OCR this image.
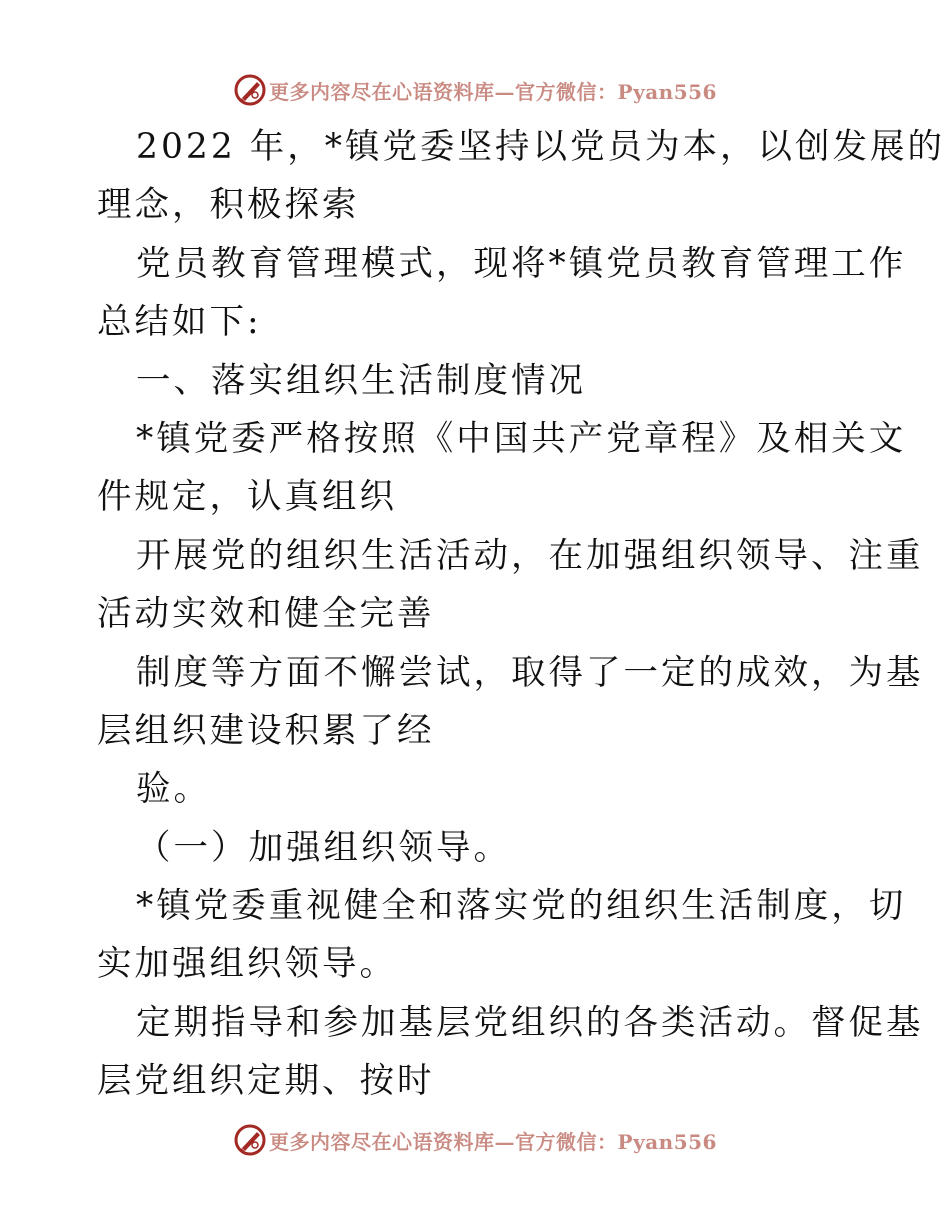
更多内容尽在心语资料库—官方微信：Pyan556
2022 年，*镇党委坚持以党员为本，以创发展的
理念，积极探索
党员教育管理模式，现将*镇党员教育管理工作
总结如下:
一、落实组织生活制度情况
*镇党委严格按照《中国共产党章程》及相关文
件规定，认真组织
开展党的组织生活活动，在加强组织领导、注重
活动实效和健全完善
制度等方面不懈尝试，取得了一定的成效，为基
层组织建设积累了经
验。
（一）加强组织领导。
*镇党委重视健全和落实党的组织生活制度，切
实加强组织领导。
定期指导和参加基层党组织的各类活动。督促基
层党组织定期、按时
更多内容尽在心语资料库—官方微信：Pyan556
